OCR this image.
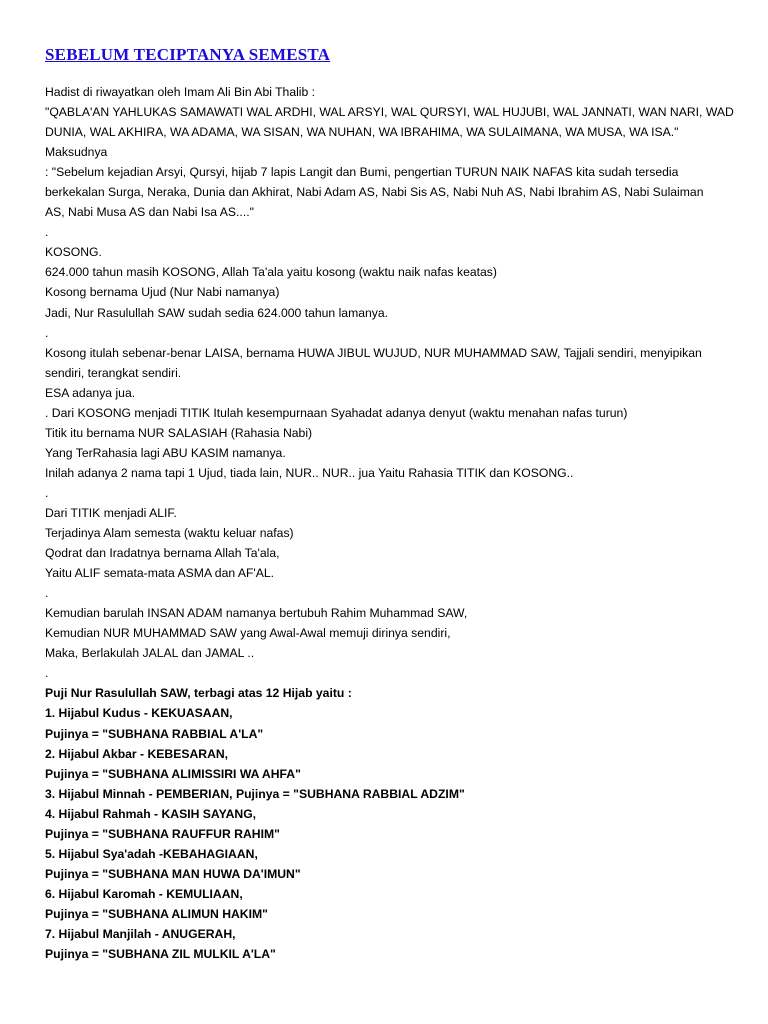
SEBELUM TECIPTANYA SEMESTA
Hadist di riwayatkan oleh Imam Ali Bin Abi Thalib :
"QABLA'AN YAHLUKAS SAMAWATI WAL ARDHI, WAL ARSYI, WAL QURSYI, WAL HUJUBI, WAL JANNATI, WAN NARI, WAD
DUNIA, WAL AKHIRA, WA ADAMA, WA SISAN, WA NUHAN, WA IBRAHIMA, WA SULAIMANA, WA MUSA, WA ISA."
Maksudnya
: "Sebelum kejadian Arsyi, Qursyi, hijab 7 lapis Langit dan Bumi, pengertian TURUN NAIK NAFAS kita sudah tersedia
berkekalan Surga, Neraka, Dunia dan Akhirat, Nabi Adam AS, Nabi Sis AS, Nabi Nuh AS, Nabi Ibrahim AS, Nabi Sulaiman
AS, Nabi Musa AS dan Nabi Isa AS...."
.
KOSONG.
624.000 tahun masih KOSONG, Allah Ta'ala yaitu kosong (waktu naik nafas keatas)
Kosong bernama Ujud (Nur Nabi namanya)
Jadi, Nur Rasulullah SAW sudah sedia 624.000 tahun lamanya.
.
Kosong itulah sebenar-benar LAISA, bernama HUWA JIBUL WUJUD, NUR MUHAMMAD SAW, Tajjali sendiri, menyipikan
sendiri, terangkat sendiri.
ESA adanya jua.
. Dari KOSONG menjadi TITIK Itulah kesempurnaan Syahadat adanya denyut (waktu menahan nafas turun)
Titik itu bernama NUR SALASIAH (Rahasia Nabi)
Yang TerRahasia lagi ABU KASIM namanya.
Inilah adanya 2 nama tapi 1 Ujud, tiada lain, NUR.. NUR.. jua Yaitu Rahasia TITIK dan KOSONG..
.
Dari TITIK menjadi ALIF.
Terjadinya Alam semesta (waktu keluar nafas)
Qodrat dan Iradatnya bernama Allah Ta'ala,
Yaitu ALIF semata-mata ASMA dan AF'AL.
.
Kemudian barulah INSAN ADAM namanya bertubuh Rahim Muhammad SAW,
Kemudian NUR MUHAMMAD SAW yang Awal-Awal memuji dirinya sendiri,
Maka, Berlakulah JALAL dan JAMAL ..
.
Puji Nur Rasulullah SAW, terbagi atas 12 Hijab yaitu :
1. Hijabul Kudus - KEKUASAAN,
Pujinya = "SUBHANA RABBIAL A'LA"
2. Hijabul Akbar - KEBESARAN,
Pujinya = "SUBHANA ALIMISSIRI WA AHFA"
3. Hijabul Minnah - PEMBERIAN, Pujinya = "SUBHANA RABBIAL ADZIM"
4. Hijabul Rahmah - KASIH SAYANG,
Pujinya = "SUBHANA RAUFFUR RAHIM"
5. Hijabul Sya'adah -KEBAHAGIAAN,
Pujinya = "SUBHANA MAN HUWA DA'IMUN"
6. Hijabul Karomah - KEMULIAAN,
Pujinya = "SUBHANA ALIMUN HAKIM"
7. Hijabul Manjilah - ANUGERAH,
Pujinya = "SUBHANA ZIL MULKIL A'LA"
